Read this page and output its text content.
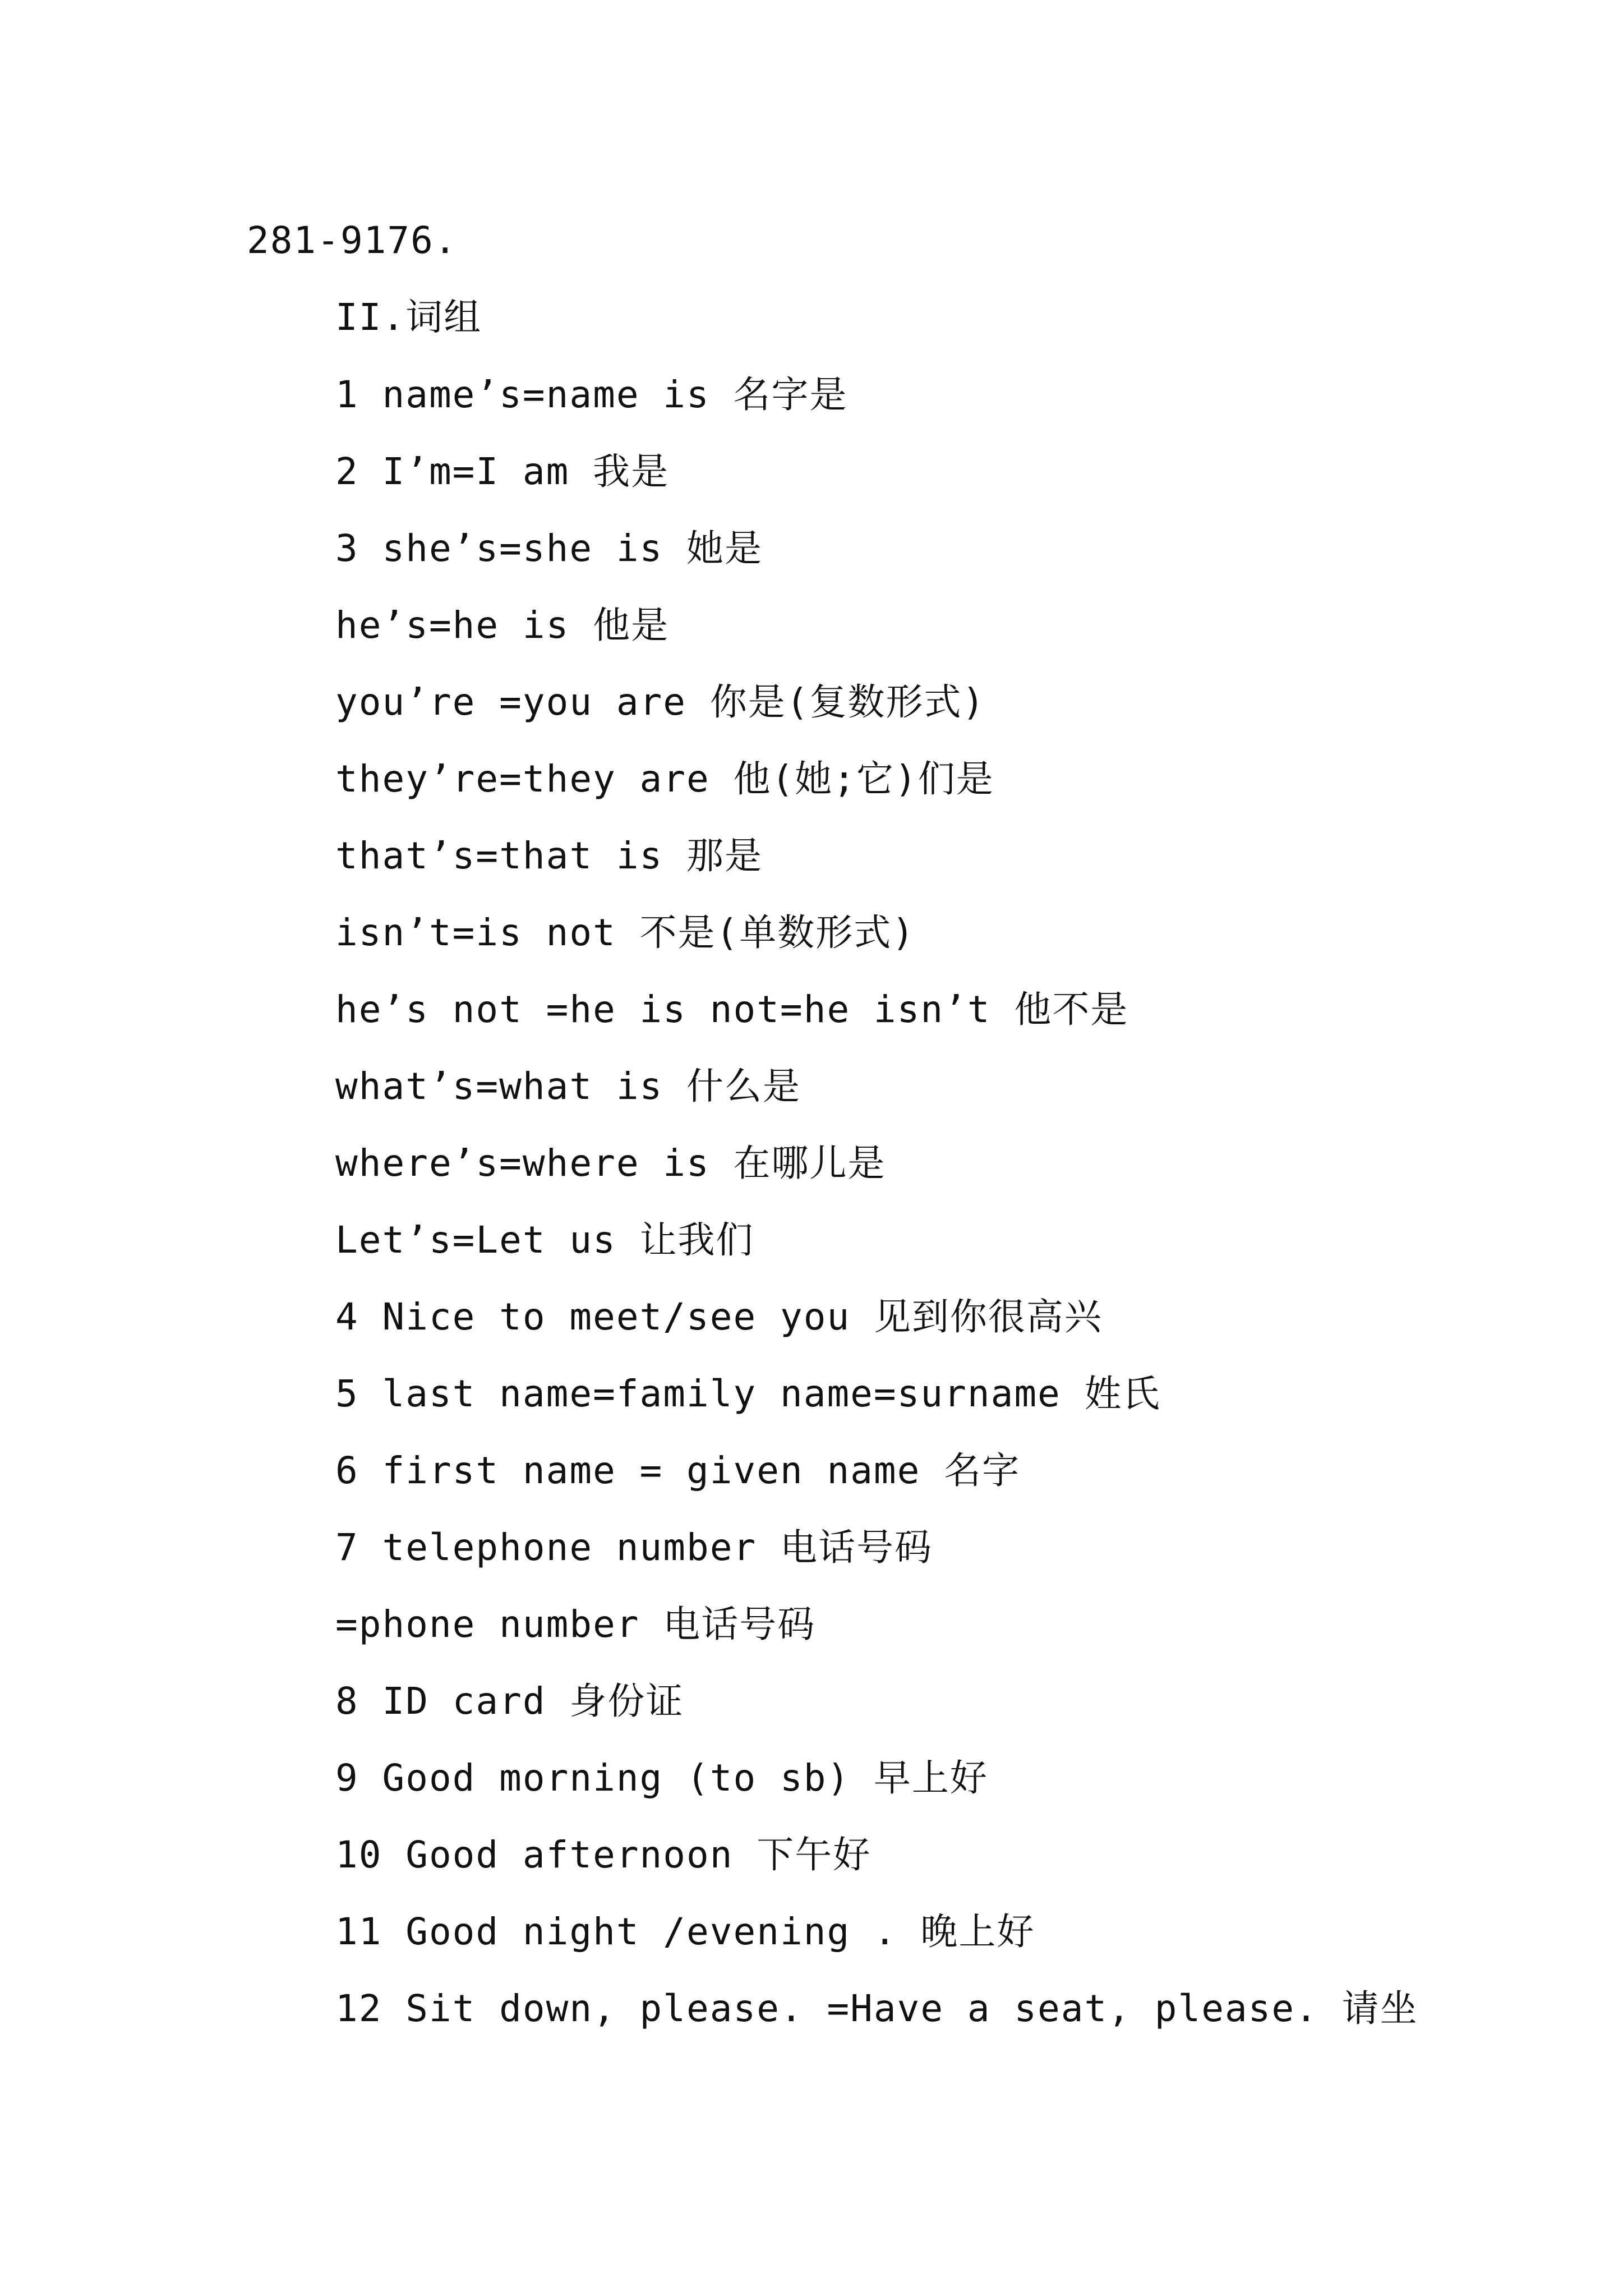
281-9176.
II.词组
1 name’s=name is 名字是
2 I’m=I am 我是
3 she’s=she is 她是
he’s=he is 他是
you’re =you are 你是(复数形式)
they’re=they are 他(她;它)们是
that’s=that is 那是
isn’t=is not 不是(单数形式)
he’s not =he is not=he isn’t 他不是
what’s=what is 什么是
where’s=where is 在哪儿是
Let’s=Let us 让我们
4 Nice to meet/see you 见到你很高兴
5 last name=family name=surname 姓氏
6 first name = given name 名字
7 telephone number 电话号码
=phone number 电话号码
8 ID card 身份证
9 Good morning (to sb) 早上好
10 Good afternoon 下午好
11 Good night /evening . 晚上好
12 Sit down, please. =Have a seat, please. 请坐
